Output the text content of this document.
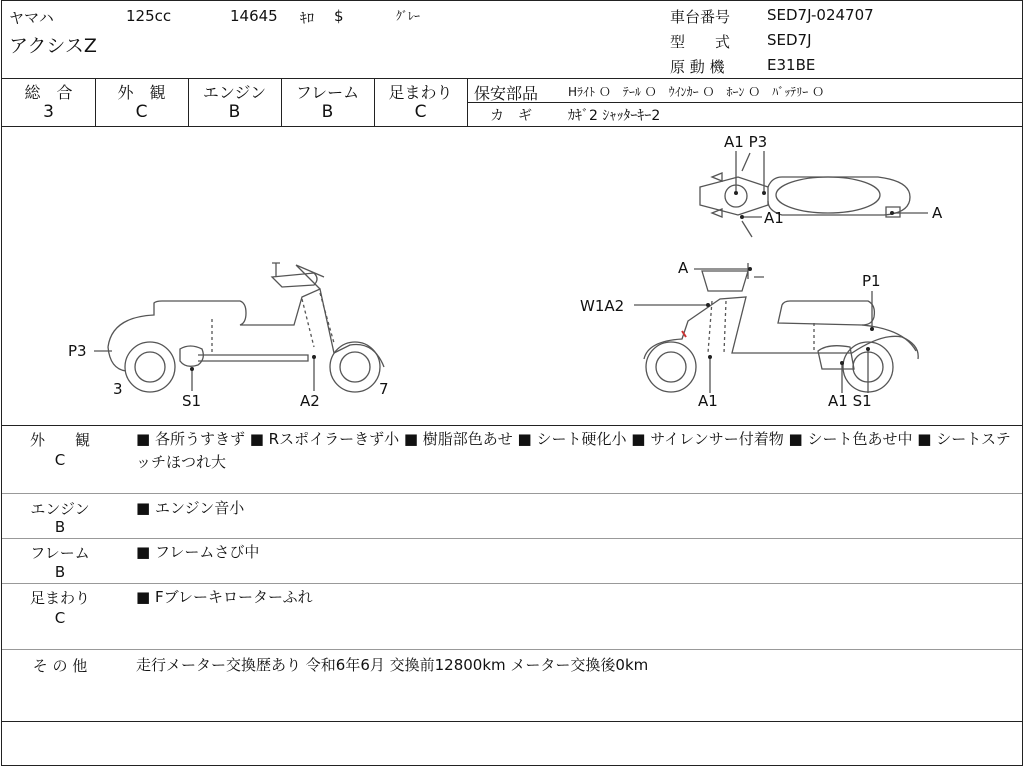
ヤマハ	125cc	14645 ｷﾛ $	ｸﾞﾚｰ
アクシスZ
車台番号 SED7J-024707
型　　式 SED7J
原 動 機	E31BE
総　合
3
外　観
C
エンジン
B
フレーム
B
足まわり
C
保安部品 Hﾗｲﾄ Ｏ　ﾃｰﾙ Ｏ　ｳｲﾝｶｰ Ｏ　ﾎｰﾝ Ｏ　ﾊﾞｯﾃﾘｰ Ｏ
カ　ギ	ｶｷﾞ2 ｼｬｯﾀｰｷｰ2
P3
3
S1	A2
7
A1 P3
A1	A
A
W1A2
P1
A1	A1 S1
外　　観
C
■ 各所うすきず ■ Rスポイラーきず小 ■ 樹脂部色あせ ■ シート硬化小 ■ サイレンサー付着物 ■ シート色あせ中 ■ シートステッチほつれ大
エンジン
B
■ エンジン音小
フレーム
B
■ フレームさび中
足まわり
C
■ Fブレーキローターふれ
そ の 他	走行メーター交換歴あり 令和6年6月 交換前12800km メーター交換後0km
